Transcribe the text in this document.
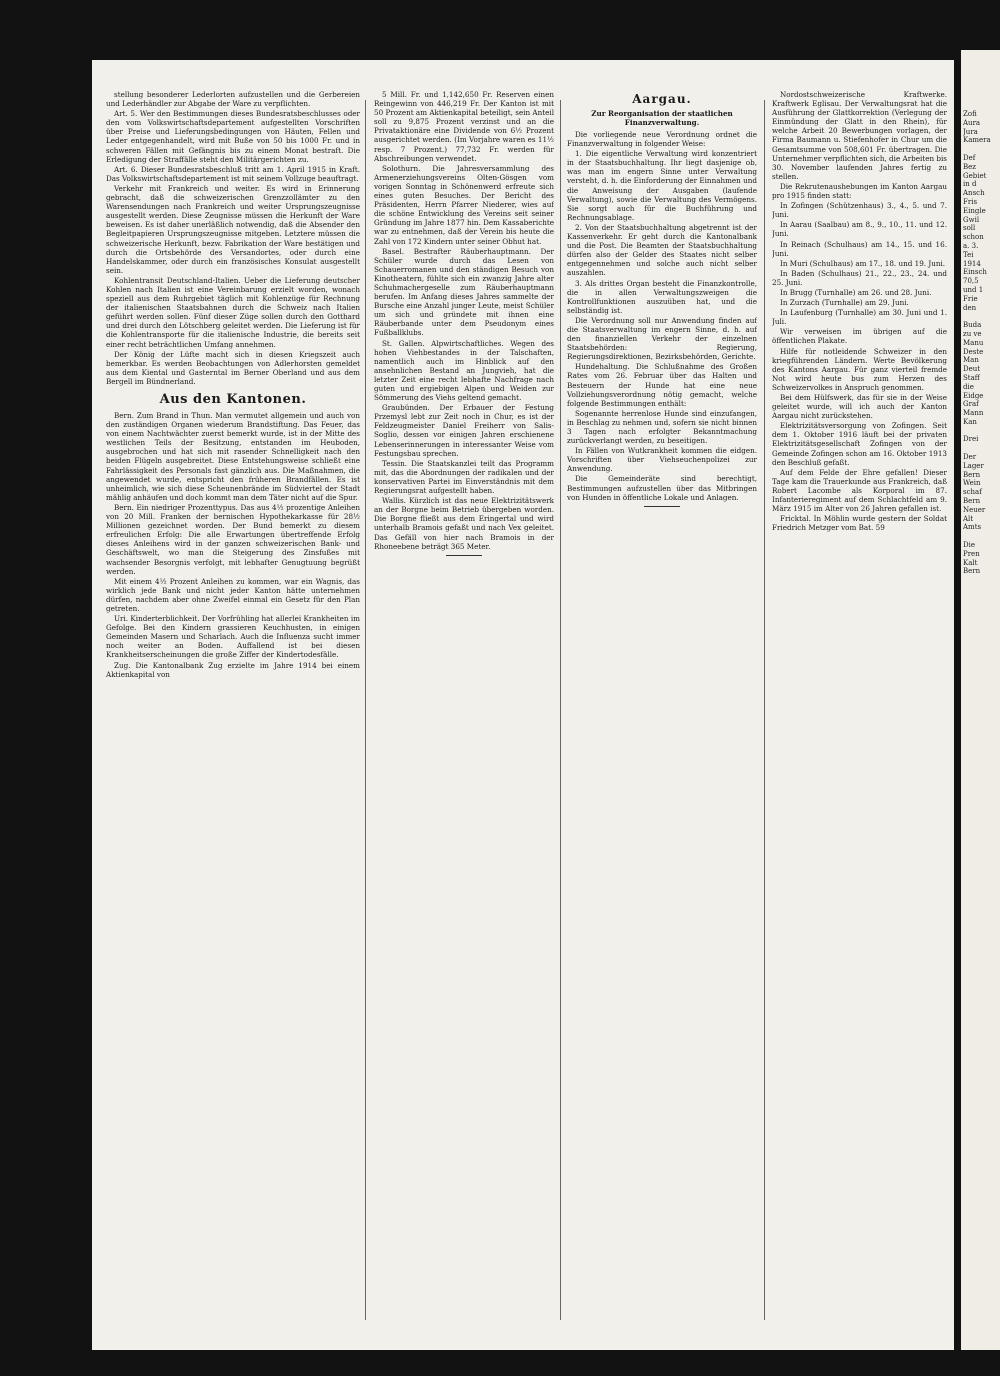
stellung besonderer Lederlorten aufzustellen und die Gerbereien und Lederhändler zur Abgabe der Ware zu verpflichten.

Art. 5. Wer den Bestimmungen dieses Bundesratsbeschlusses oder den vom Volkswirtschaftsdepartement aufgestellten Vorschriften über Preise und Lieferungsbedingungen von Häuten, Fellen und Leder entgegenhandelt, wird mit Buße von 50 bis 1000 Fr. und in schweren Fällen mit Gefängnis bis zu einem Monat bestraft. Die Erledigung der Straffälle steht den Militärgerichten zu.

Art. 6. Dieser Bundesratsbeschluß tritt am 1. April 1915 in Kraft. Das Volkswirtschaftsdepartement ist mit seinem Vollzuge beauftragt.

Verkehr mit Frankreich und weiter. Es wird in Erinnerung gebracht, daß die schweizerischen Grenzzollämter zu den Warensendungen nach Frankreich und weiter Ursprungszeugnisse ausgestellt werden. Diese Zeugnisse müssen die Herkunft der Ware beweisen. Es ist daher unerläßlich notwendig, daß die Absender den Begleitpapieren Ursprungszeugnisse mitgeben. Letztere müssen die schweizerische Herkunft, bezw. Fabrikation der Ware bestätigen und durch die Ortsbehörde des Versandortes, oder durch eine Handelskammer, oder durch ein französisches Konsulat ausgestellt sein.

Kohlentransit Deutschland-Italien. Ueber die Lieferung deutscher Kohlen nach Italien ist eine Vereinbarung erzielt worden, wonach speziell aus dem Ruhrgebiet täglich mit Kohlenzüge für Rechnung der italienischen Staatsbahnen durch die Schweiz nach Italien geführt werden sollen. Fünf dieser Züge sollen durch den Gotthard und drei durch den Lötschberg geleitet werden. Die Lieferung ist für die Kohlentransporte für die italienische Industrie, die bereits seit einer recht beträchtlichen Umfang annehmen.

Der König der Lüfte macht sich in diesen Kriegszeit auch bemerkbar. Es werden Beobachtungen von Adlerhorsten gemeldet aus dem Kiental und Gasterntal im Berner Oberland und aus dem Bergell im Bündnerland.

Aus den Kantonen.

Bern. Zum Brand in Thun. Man vermutet allgemein und auch von den zuständigen Organen wiederum Brandstiftung. Das Feuer, das von einem Nachtwächter zuerst bemerkt wurde, ist in der Mitte des westlichen Teils der Besitzung, entstanden im Heuboden, ausgebrochen und hat sich mit rasender Schnelligkeit nach den beiden Flügeln ausgebreitet. Diese Entstehungsweise schließt eine Fahrlässigkeit des Personals fast gänzlich aus. Die Maßnahmen, die angewendet wurde, entspricht den früheren Brandfällen. Es ist unheimlich, wie sich diese Scheunenbrände im Südviertel der Stadt mählig anhäufen und doch kommt man dem Täter nicht auf die Spur.

Bern. Ein niedriger Prozenttypus. Das aus 4½ prozentige Anleihen von 20 Mill. Franken der bernischen Hypothekarkasse für 28½ Millionen gezeichnet worden. Der Bund bemerkt zu diesem erfreulichen Erfolg: Die alle Erwartungen übertreffende Erfolg dieses Anleihens wird in der ganzen schweizerischen Bank- und Geschäftswelt, wo man die Steigerung des Zinsfußes mit wachsender Besorgnis verfolgt, mit lebhafter Genugtuung begrüßt werden.

Mit einem 4½ Prozent Anleihen zu kommen, war ein Wagnis, das wirklich jede Bank und nicht jeder Kanton hätte unternehmen dürfen, nachdem aber ohne Zweifel einmal ein Gesetz für den Plan getreten.

Uri. Kinderterblichkeit. Der Vorfrühling hat allerlei Krankheiten im Gefolge. Bei den Kindern grassieren Keuchhusten, in einigen Gemeinden Masern und Scharlach. Auch die Influenza sucht immer noch weiter an Boden. Auffallend ist bei diesen Krankheitserscheinungen die große Ziffer der Kindertodesfälle.

Zug. Die Kantonalbank Zug erzielte im Jahre 1914 bei einem Aktienkapital von

5 Mill. Fr. und 1,142,650 Fr. Reserven einen Reingewinn von 446,219 Fr. Der Kanton ist mit 50 Prozent am Aktienkapital beteiligt, sein Anteil soll zu 9,875 Prozent verzinst und an die Privataktionäre eine Dividende von 6½ Prozent ausgerichtet werden. (Im Vorjahre waren es 11½ resp. 7 Prozent.) 77,732 Fr. werden für Abschreibungen verwendet.

Solothurn. Die Jahresversammlung des Armenerziehungsvereins Olten-Gösgen vom vorigen Sonntag in Schönenwerd erfreute sich eines guten Besuches. Der Bericht des Präsidenten, Herrn Pfarrer Niederer, wies auf die schöne Entwicklung des Vereins seit seiner Gründung im Jahre 1877 hin. Dem Kassaberichte war zu entnehmen, daß der Verein bis heute die Zahl von 172 Kindern unter seiner Obhut hat.

Basel. Bestrafter Räuberhauptmann. Der Schüler wurde durch das Lesen von Schauerromanen und den ständigen Besuch von Kinotheatern, fühlte sich ein zwanzig Jahre alter Schuhmachergeselle zum Räuberhauptmann berufen. Im Anfang dieses Jahres sammelte der Bursche eine Anzahl junger Leute, meist Schüler um sich und gründete mit ihnen eine Räuberbande unter dem Pseudonym eines Fußballklubs.

St. Gallen. Alpwirtschaftliches. Wegen des hohen Viehbestandes in der Talschaften, namentlich auch im Hinblick auf den ansehnlichen Bestand an Jungvieh, hat die letzter Zeit eine recht lebhafte Nachfrage nach guten und ergiebigen Alpen und Weiden zur Sömmerung des Viehs geltend gemacht.

Graubünden. Der Erbauer der Festung Przemysl lebt zur Zeit noch in Chur, es ist der Feldzeugmeister Daniel Freiherr von Salis-Soglio, dessen vor einigen Jahren erschienene Lebenserinnerungen in interessanter Weise vom Festungsbau sprechen.

Tessin. Die Staatskanzlei teilt das Programm mit, das die Abordnungen der radikalen und der konservativen Partei im Einverständnis mit dem Regierungsrat aufgestellt haben.

Wallis. Kürzlich ist das neue Elektrizitätswerk an der Borgne beim Betrieb übergeben worden. Die Borgne fließt aus dem Eringertal und wird unterhalb Bramois gefaßt und nach Vex geleitet. Das Gefäll von hier nach Bramois in der Rhoneebene beträgt 365 Meter.

Aargau.
Zur Reorganisation der staatlichen Finanzverwaltung.

Die vorliegende neue Verordnung ordnet die Finanzverwaltung in folgender Weise:

1. Die eigentliche Verwaltung wird konzentriert in der Staatsbuchhaltung. Ihr liegt dasjenige ob, was man im engern Sinne unter Verwaltung versteht, d. h. die Einforderung der Einnahmen und die Anweisung der Ausgaben (laufende Verwaltung), sowie die Verwaltung des Vermögens. Sie sorgt auch für die Buchführung und Rechnungsablage.

2. Von der Staatsbuchhaltung abgetrennt ist der Kassenverkehr. Er geht durch die Kantonalbank und die Post. Die Beamten der Staatsbuchhaltung dürfen also der Gelder des Staates nicht selber entgegennehmen und solche auch nicht selber auszahlen.

3. Als drittes Organ besteht die Finanzkontrolle, die in allen Verwaltungszweigen die Kontrollfunktionen auszuüben hat, und die selbständig ist.

Die Verordnung soll nur Anwendung finden auf die Staatsverwaltung im engern Sinne, d. h. auf den finanziellen Verkehr der einzelnen Staatsbehörden: Regierung, Regierungsdirektionen, Bezirksbehörden, Gerichte.

Hundehaltung. Die Schlußnahme des Großen Rates vom 26. Februar über das Halten und Besteuern der Hunde hat eine neue Vollziehungsverordnung nötig gemacht, welche folgende Bestimmungen enthält:

Sogenannte herrenlose Hunde sind einzufangen, in Beschlag zu nehmen und, sofern sie nicht binnen 3 Tagen nach erfolgter Bekanntmachung zurückverlangt werden, zu beseitigen.

In Fällen von Wutkrankheit kommen die eidgen. Vorschriften über Viehseuchenpolizei zur Anwendung.

Die Gemeinderäte sind berechtigt, Bestimmungen aufzustellen über das Mitbringen von Hunden in öffentliche Lokale und Anlagen.

Nordostschweizerische Kraftwerke. Kraftwerk Eglisau. Der Verwaltungsrat hat die Ausführung der Glattkorrektion (Verlegung der Einmündung der Glatt in den Rhein), für welche Arbeit 20 Bewerbungen vorlagen, der Firma Baumann u. Stiefenhofer in Chur um die Gesamtsumme von 508,601 Fr. übertragen. Die Unternehmer verpflichten sich, die Arbeiten bis 30. November laufenden Jahres fertig zu stellen.

Die Rekrutenaushebungen im Kanton Aargau pro 1915 finden statt:

In Zofingen (Schützenhaus) 3., 4., 5. und 7. Juni.

In Aarau (Saalbau) am 8., 9., 10., 11. und 12. Juni.

In Reinach (Schulhaus) am 14., 15. und 16. Juni.

In Muri (Schulhaus) am 17., 18. und 19. Juni.

In Baden (Schulhaus) 21., 22., 23., 24. und 25. Juni.

In Brugg (Turnhalle) am 26. und 28. Juni.

In Zurzach (Turnhalle) am 29. Juni.

In Laufenburg (Turnhalle) am 30. Juni und 1. Juli.

Wir verweisen im übrigen auf die öffentlichen Plakate.

Hilfe für notleidende Schweizer in den kriegführenden Ländern. Werte Bevölkerung des Kantons Aargau. Für ganz vierteil fremde Not wird heute bus zum Herzen des Schweizervolkes in Anspruch genommen.

Bei dem Hülfswerk, das für sie in der Weise geleitet wurde, will ich auch der Kanton Aargau nicht zurückstehen.

Elektrizitätsversorgung von Zofingen. Seit dem 1. Oktober 1916 läuft bei der privaten Elektrizitätsgesellschaft Zofingen von der Gemeinde Zofingen schon am 16. Oktober 1913 den Beschluß gefaßt.

Auf dem Felde der Ehre gefallen! Dieser Tage kam die Trauerkunde aus Frankreich, daß Robert Lacombe als Korporal im 87. Infanterieregiment auf dem Schlachtfeld am 9. März 1915 im Alter von 26 Jahren gefallen ist.

Fricktal. In Möhlin wurde gestern der Soldat Friedrich Metzger vom Bat. 59

Zofi
Aura
Jura
Kamera

Def
Bez
Gebiet
in d
Ansch
Fris
Eingle
Gwil
soll
schon
a. 3.
Tei
1914
Einsch
70,5
und 1
Frie
den

Buda
zu ve
Manu
Deste
Man
Deut
Staff
die
Eidge
Graf
Mann
Kan

Drei

Der
Lager
Bern
Wein
schaf
Bern
Neuer
Alt
Amts

Die
Pren
Kalt
Bern
